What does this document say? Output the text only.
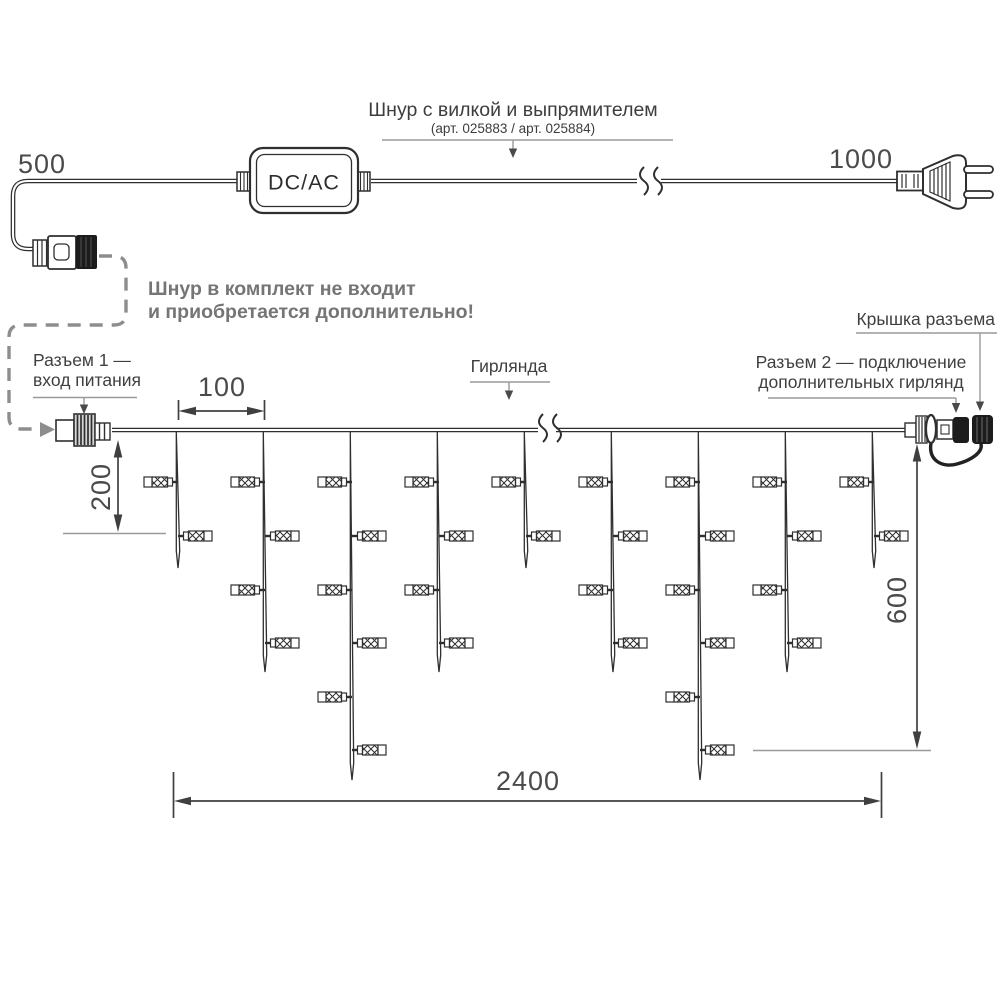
DC/AC
500	1000
Шнур с вилкой и выпрямителем
(арт. 025883 / арт. 025884)
Шнур в комплект не входит
и приобретается дополнительно!
Разъем 1 —
вход питания
Гирлянда
Крышка разъема
Разъем 2 — подключение
дополнительных гирлянд
100
200
600
2400
